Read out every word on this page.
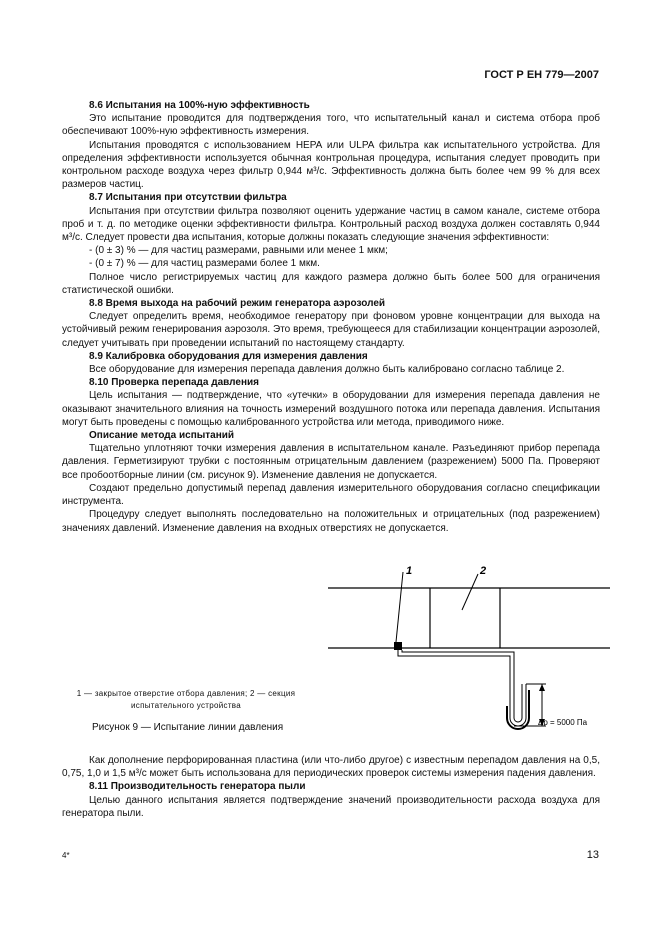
ГОСТ Р ЕН 779—2007

8.6 Испытания на 100%-ную эффективность

Это испытание проводится для подтверждения того, что испытательный канал и система отбора проб обеспечивают 100%-ную эффективность измерения.

Испытания проводятся с использованием HEPA или ULPA фильтра как испытательного устройства. Для определения эффективности используется обычная контрольная процедура, испытания следует проводить при контрольном расходе воздуха через фильтр 0,944 м³/с. Эффективность должна быть более чем 99 % для всех размеров частиц.

8.7 Испытания при отсутствии фильтра

Испытания при отсутствии фильтра позволяют оценить удержание частиц в самом канале, системе отбора проб и т. д. по методике оценки эффективности фильтра. Контрольный расход воздуха должен составлять 0,944 м³/с. Следует провести два испытания, которые должны показать следующие значения эффективности:

- (0 ± 3) % — для частиц размерами, равными или менее 1 мкм;

- (0 ± 7) % — для частиц размерами более 1 мкм.

Полное число регистрируемых частиц для каждого размера должно быть более 500 для ограничения статистической ошибки.

8.8 Время выхода на рабочий режим генератора аэрозолей

Следует определить время, необходимое генератору при фоновом уровне концентрации для выхода на устойчивый режим генерирования аэрозоля. Это время, требующееся для стабилизации концентрации аэрозолей, следует учитывать при проведении испытаний по настоящему стандарту.

8.9 Калибровка оборудования для измерения давления

Все оборудование для измерения перепада давления должно быть калибровано согласно таблице 2.

8.10 Проверка перепада давления

Цель испытания — подтверждение, что «утечки» в оборудовании для измерения перепада давления не оказывают значительного влияния на точность измерений воздушного потока или перепада давления. Испытания могут быть проведены с помощью калиброванного устройства или метода, приводимого ниже.

Описание метода испытаний

Тщательно уплотняют точки измерения давления в испытательном канале. Разъединяют прибор перепада давления. Герметизируют трубки с постоянным отрицательным давлением (разрежением) 5000 Па. Проверяют все пробоотборные линии (см. рисунок 9). Изменение давления не допускается.

Создают предельно допустимый перепад давления измерительного оборудования согласно спецификации инструмента.

Процедуру следует выполнять последовательно на положительных и отрицательных (под разрежением) значениях давлений. Изменение давления на входных отверстиях не допускается.

1	2
Δp = 5000 Па
1 — закрытое отверстие отбора давления; 2 — секция испытательного устройства
Рисунок 9 — Испытание линии давления

Как дополнение перфорированная пластина (или что-либо другое) с известным перепадом давления на 0,5, 0,75, 1,0 и 1,5 м³/с может быть использована для периодических проверок системы измерения падения давления.

8.11 Производительность генератора пыли

Целью данного испытания является подтверждение значений производительности расхода воздуха для генератора пыли.

4*	13
